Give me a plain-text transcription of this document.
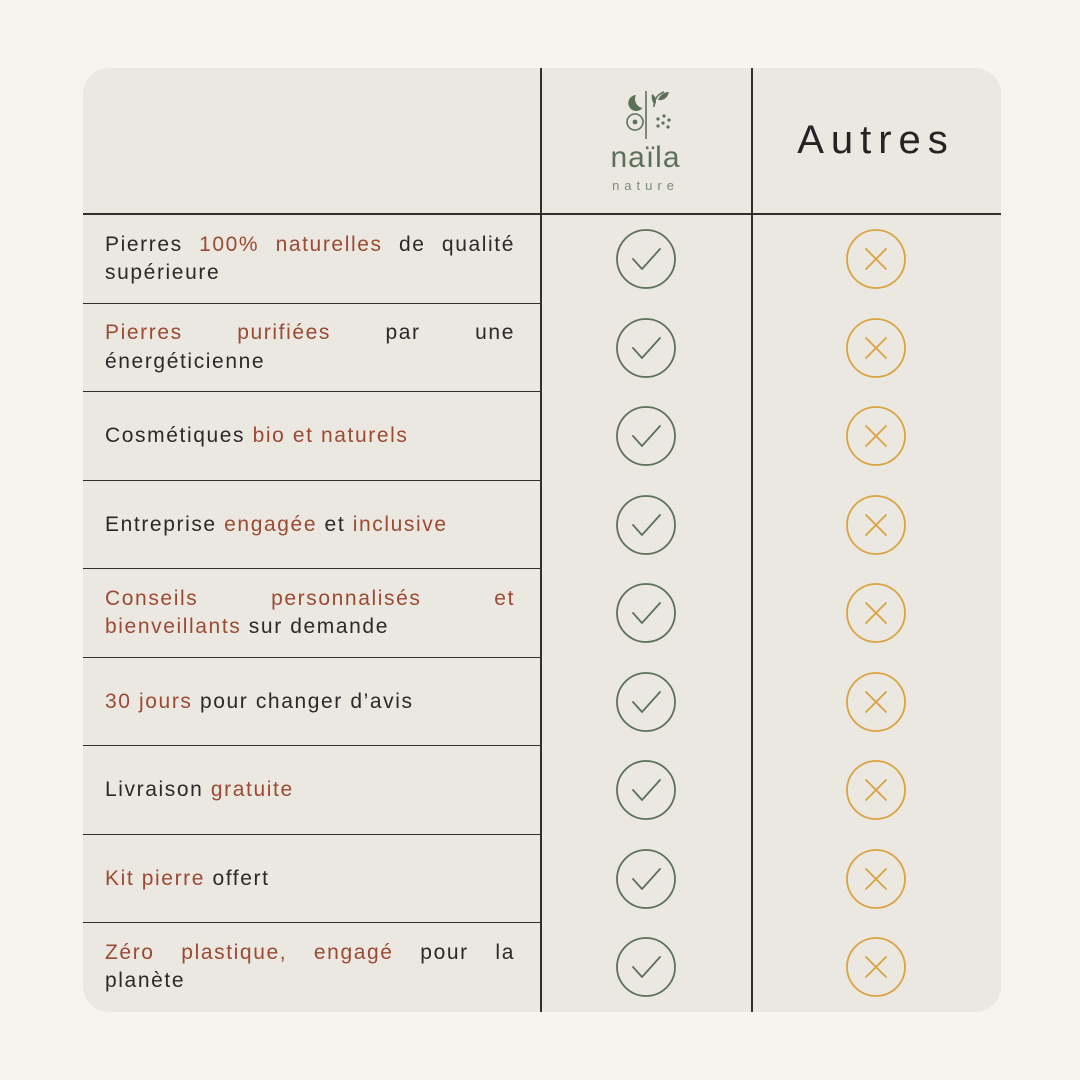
naïla
nature
Autres
Pierres 100% naturelles de qualité supérieure
Pierres purifiées par une énergéticienne
Cosmétiques bio et naturels
Entreprise engagée et inclusive
Conseils personnalisés et bienveillants sur demande
30 jours pour changer d’avis
Livraison gratuite
Kit pierre offert
Zéro plastique, engagé pour la planète
